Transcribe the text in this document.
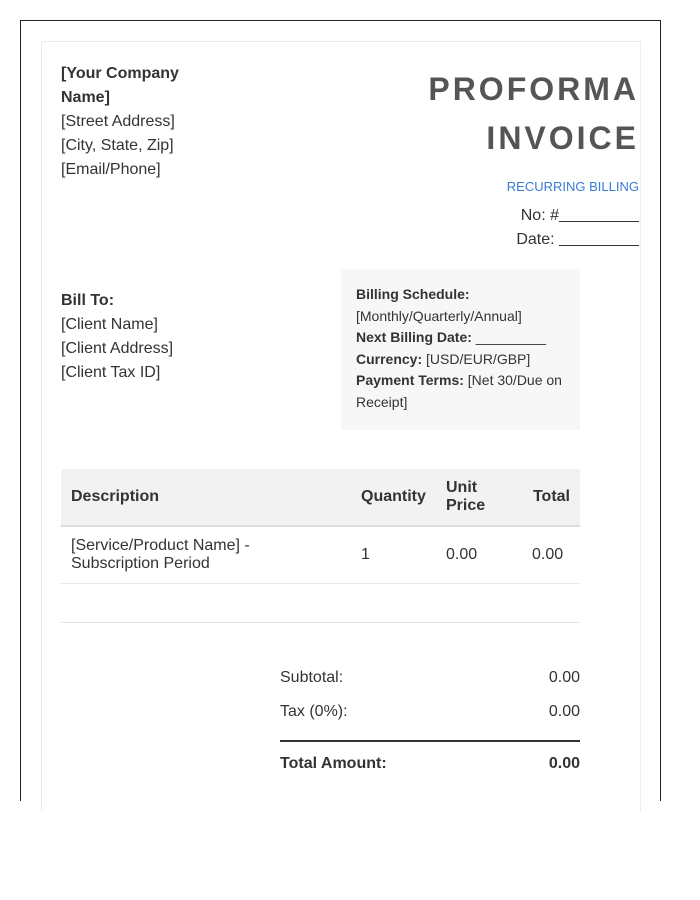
[Your Company Name]
[Street Address]
[City, State, Zip]
[Email/Phone]
PROFORMA
INVOICE
RECURRING BILLING
No: #
Date:
Bill To:
[Client Name]
[Client Address]
[Client Tax ID]
Billing Schedule:
[Monthly/Quarterly/Annual]
Next Billing Date: _________
Currency: [USD/EUR/GBP]
Payment Terms: [Net 30/Due on Receipt]
Description	Quantity	Unit Price	Total
[Service/Product Name] - Subscription Period	1	0.00	0.00
Subtotal:	0.00
Tax (0%):	0.00
Total Amount:	0.00
